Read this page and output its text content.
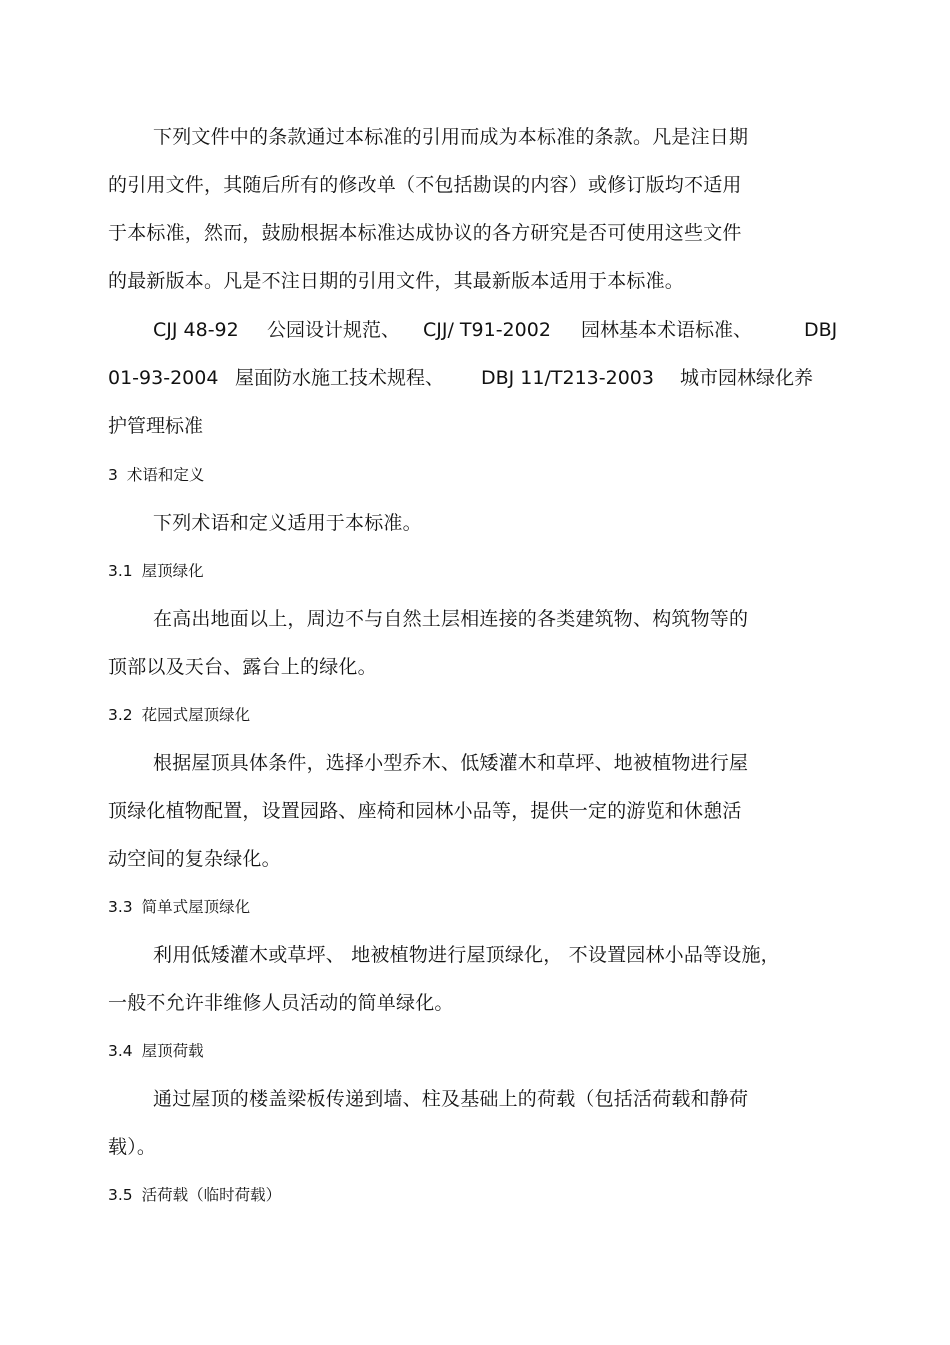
下列文件中的条款通过本标准的引用而成为本标准的条款。凡是注日期
的引用文件，其随后所有的修改单（不包括勘误的内容）或修订版均不适用
于本标准，然而，鼓励根据本标准达成协议的各方研究是否可使用这些文件
的最新版本。凡是不注日期的引用文件，其最新版本适用于本标准。
CJJ 48-92 公园设计规范、 CJJ/ T91-2002 园林基本术语标准、	DBJ
01-93-2004 屋面防水施工技术规程、 DBJ 11/T213-2003 城市园林绿化养
护管理标准
3 术语和定义
下列术语和定义适用于本标准。
3.1 屋顶绿化
在高出地面以上，周边不与自然土层相连接的各类建筑物、构筑物等的
顶部以及天台、露台上的绿化。
3.2 花园式屋顶绿化
根据屋顶具体条件，选择小型乔木、低矮灌木和草坪、地被植物进行屋
顶绿化植物配置，设置园路、座椅和园林小品等，提供一定的游览和休憩活
动空间的复杂绿化。
3.3 简单式屋顶绿化
利用低矮灌木或草坪、 地被植物进行屋顶绿化， 不设置园林小品等设施，
一般不允许非维修人员活动的简单绿化。
3.4 屋顶荷载
通过屋顶的楼盖梁板传递到墙、柱及基础上的荷载（包括活荷载和静荷
载）。
3.5 活荷载（临时荷载）
